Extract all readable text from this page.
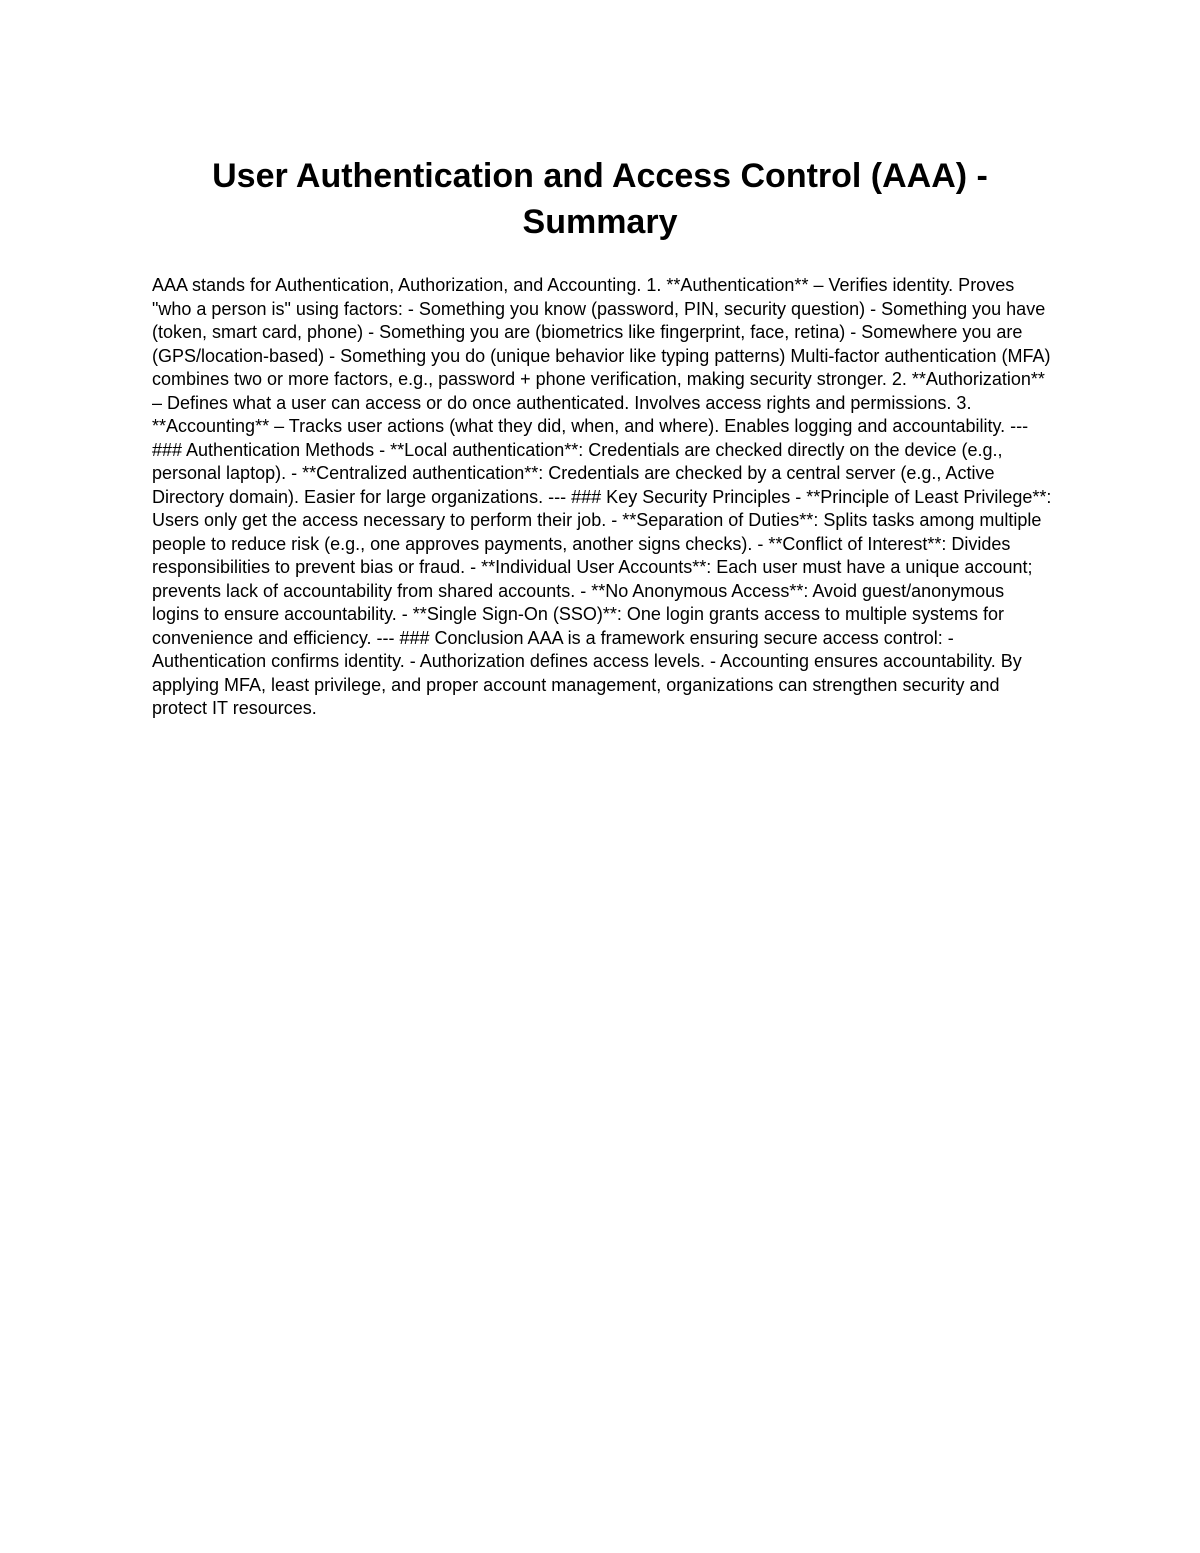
User Authentication and Access Control (AAA) - Summary

AAA stands for Authentication, Authorization, and Accounting. 1. **Authentication** – Verifies identity. Proves "who a person is" using factors: - Something you know (password, PIN, security question) - Something you have (token, smart card, phone) - Something you are (biometrics like fingerprint, face, retina) - Somewhere you are (GPS/location-based) - Something you do (unique behavior like typing patterns) Multi-factor authentication (MFA) combines two or more factors, e.g., password + phone verification, making security stronger. 2. **Authorization** – Defines what a user can access or do once authenticated. Involves access rights and permissions. 3. **Accounting** – Tracks user actions (what they did, when, and where). Enables logging and accountability. --- ### Authentication Methods - **Local authentication**: Credentials are checked directly on the device (e.g., personal laptop). - **Centralized authentication**: Credentials are checked by a central server (e.g., Active Directory domain). Easier for large organizations. --- ### Key Security Principles - **Principle of Least Privilege**: Users only get the access necessary to perform their job. - **Separation of Duties**: Splits tasks among multiple people to reduce risk (e.g., one approves payments, another signs checks). - **Conflict of Interest**: Divides responsibilities to prevent bias or fraud. - **Individual User Accounts**: Each user must have a unique account; prevents lack of accountability from shared accounts. - **No Anonymous Access**: Avoid guest/anonymous logins to ensure accountability. - **Single Sign-On (SSO)**: One login grants access to multiple systems for convenience and efficiency. --- ### Conclusion AAA is a framework ensuring secure access control: - Authentication confirms identity. - Authorization defines access levels. - Accounting ensures accountability. By applying MFA, least privilege, and proper account management, organizations can strengthen security and protect IT resources.
